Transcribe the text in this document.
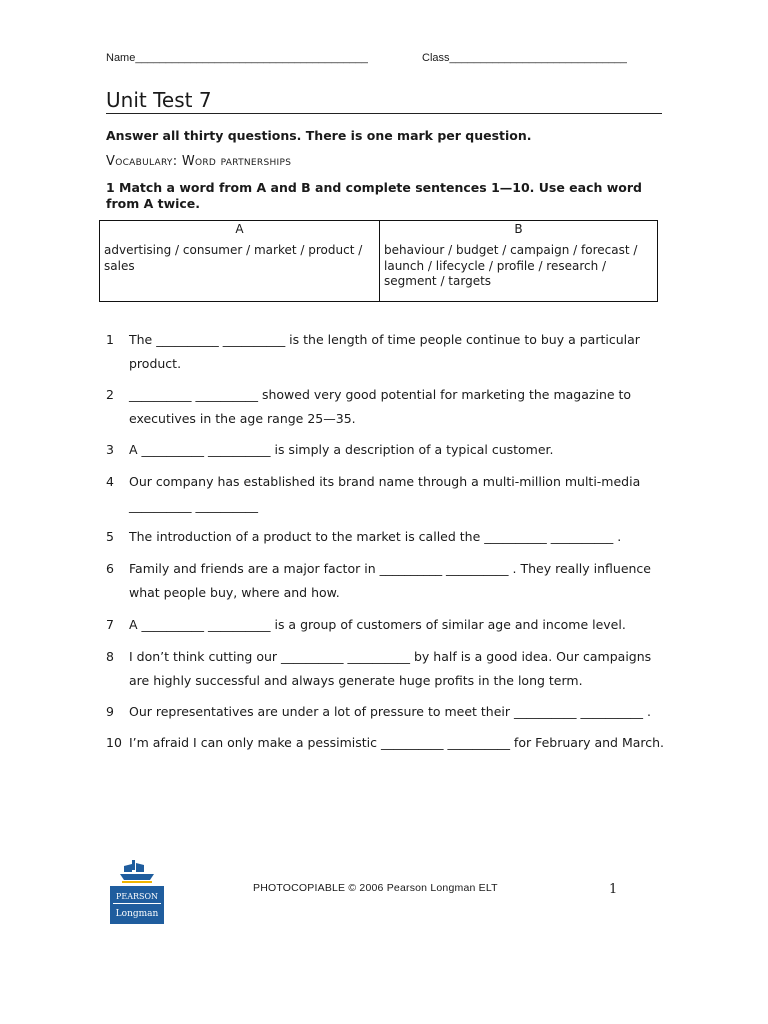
Name______________________________________	Class_____________________________
Unit Test 7
Answer all thirty questions. There is one mark per question.
Vocabulary: Word partnerships
1 Match a word from A and B and complete sentences 1—10. Use each word from A twice.
A	B
advertising / consumer / market / product / sales
behaviour / budget / campaign / forecast / launch / lifecycle / profile / research / segment / targets
1 The __________ __________ is the length of time people continue to buy a particular product.
2 __________ __________ showed very good potential for marketing the magazine to executives in the age range 25—35.
3 A __________ __________ is simply a description of a typical customer.
4 Our company has established its brand name through a multi-million multi-media __________ __________
5 The introduction of a product to the market is called the __________ __________ .
6 Family and friends are a major factor in __________ __________ . They really influence what people buy, where and how.
7 A __________ __________ is a group of customers of similar age and income level.
8 I don’t think cutting our __________ __________ by half is a good idea. Our campaigns are highly successful and always generate huge profits in the long term.
9 Our representatives are under a lot of pressure to meet their __________ __________ .
10 I’m afraid I can only make a pessimistic __________ __________ for February and March.
PEARSON
Longman
PHOTOCOPIABLE © 2006 Pearson Longman ELT	1
